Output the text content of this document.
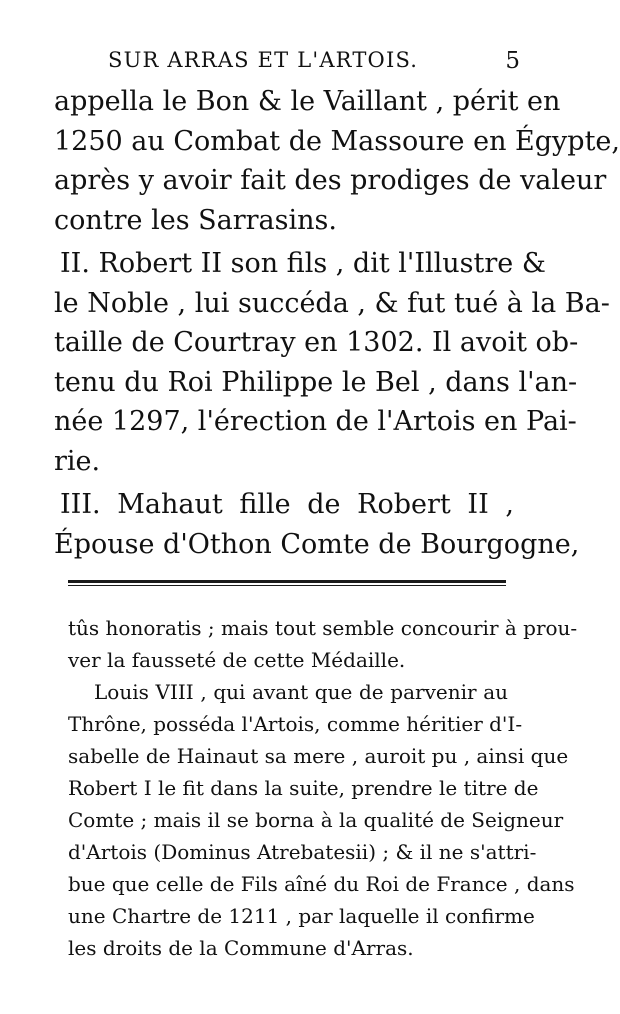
SUR ARRAS ET L'ARTOIS.	5
appella le Bon & le Vaillant , périt en
1250 au Combat de Massoure en Égypte,
après y avoir fait des prodiges de valeur
contre les Sarrasins.
II. Robert II son fils , dit l'Illustre &
le Noble , lui succéda , & fut tué à la Ba-
taille de Courtray en 1302. Il avoit ob-
tenu du Roi Philippe le Bel , dans l'an-
née 1297, l'érection de l'Artois en Pai-
rie.
III. Mahaut fille de Robert II ,
Épouse d'Othon Comte de Bourgogne,
tûs honoratis ; mais tout semble concourir à prou-
ver la fausseté de cette Médaille.
Louis VIII , qui avant que de parvenir au
Thrône, posséda l'Artois, comme héritier d'I-
sabelle de Hainaut sa mere , auroit pu , ainsi que
Robert I le fit dans la suite, prendre le titre de
Comte ; mais il se borna à la qualité de Seigneur
d'Artois (Dominus Atrebatesii) ; & il ne s'attri-
bue que celle de Fils aîné du Roi de France , dans
une Chartre de 1211 , par laquelle il confirme
les droits de la Commune d'Arras.
